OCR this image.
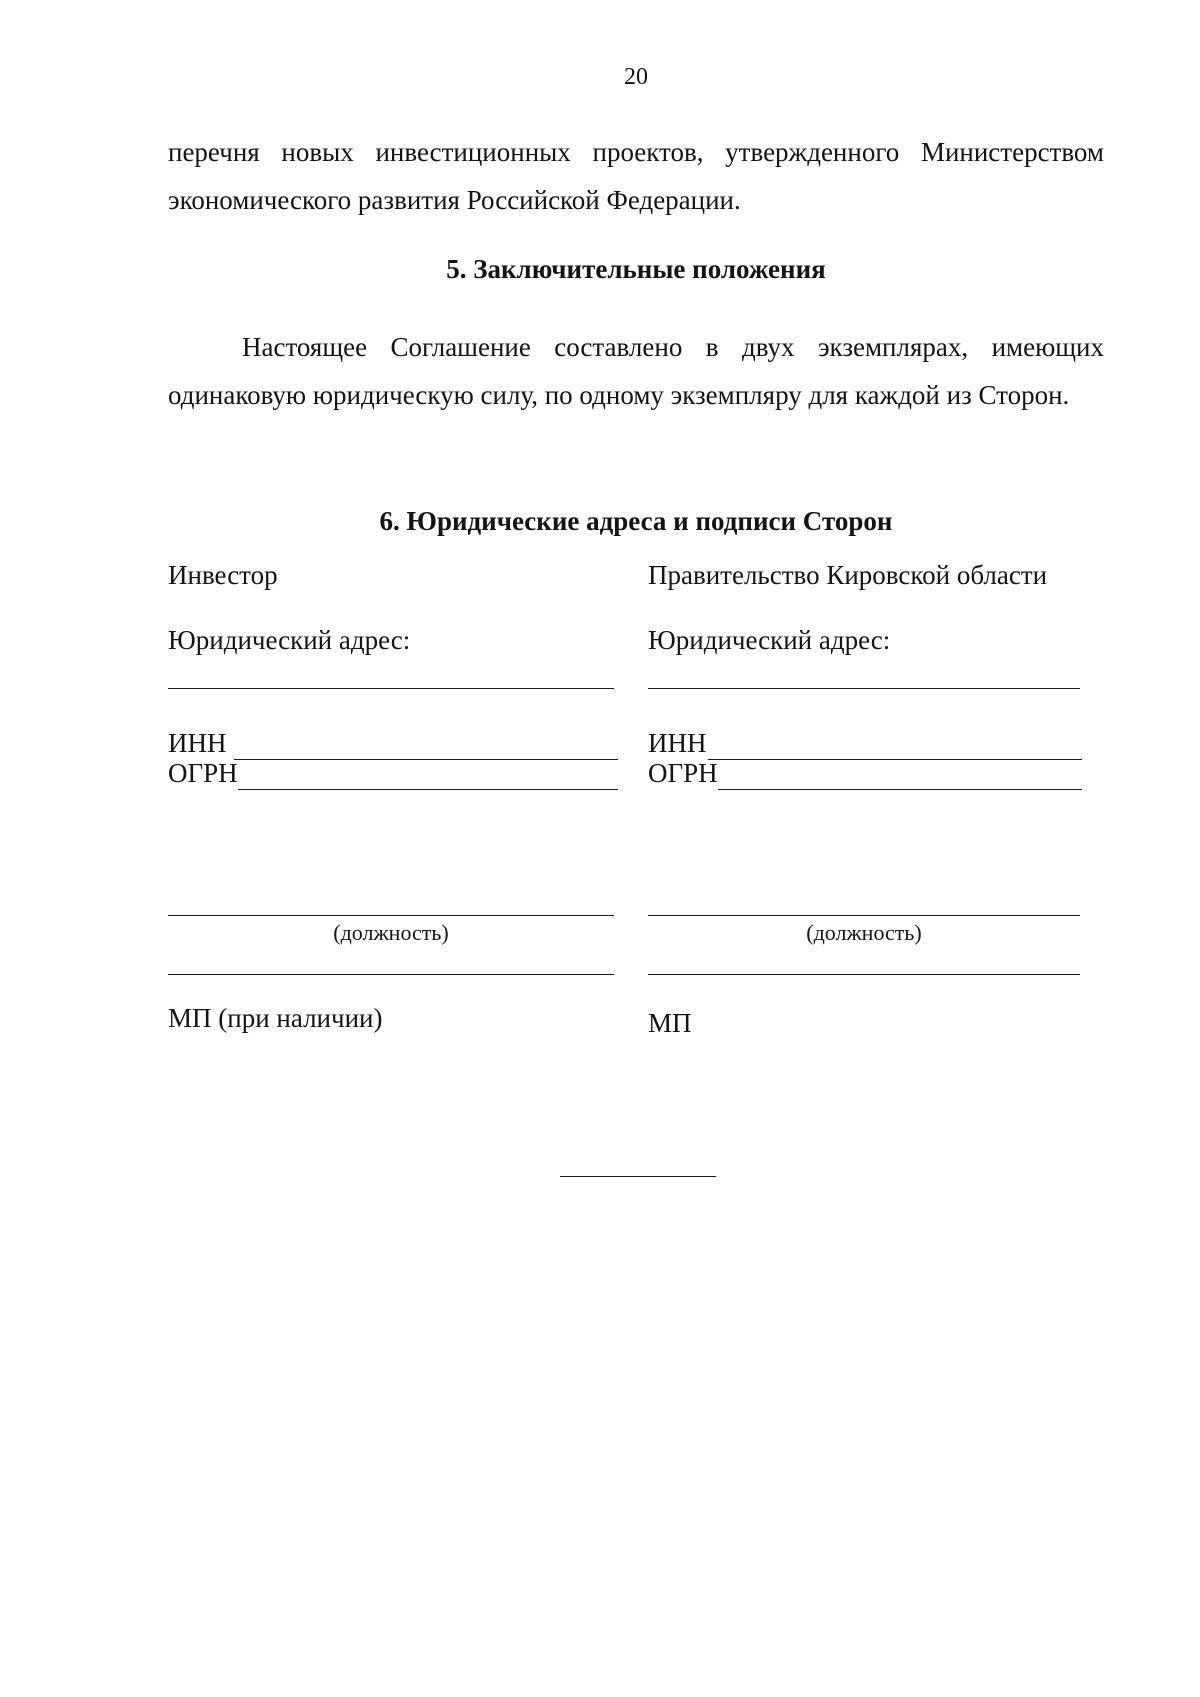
20

перечня новых инвестиционных проектов, утвержденного Министерством экономического развития Российской Федерации.

5. Заключительные положения

Настоящее Соглашение составлено в двух экземплярах, имеющих одинаковую юридическую силу, по одному экземпляру для каждой из Сторон.

6. Юридические адреса и подписи Сторон
Инвестор
Юридический адрес:
ИНН
ОГРН
(должность)
МП (при наличии)
Правительство Кировской области
Юридический адрес:
ИНН
ОГРН
(должность)
МП
